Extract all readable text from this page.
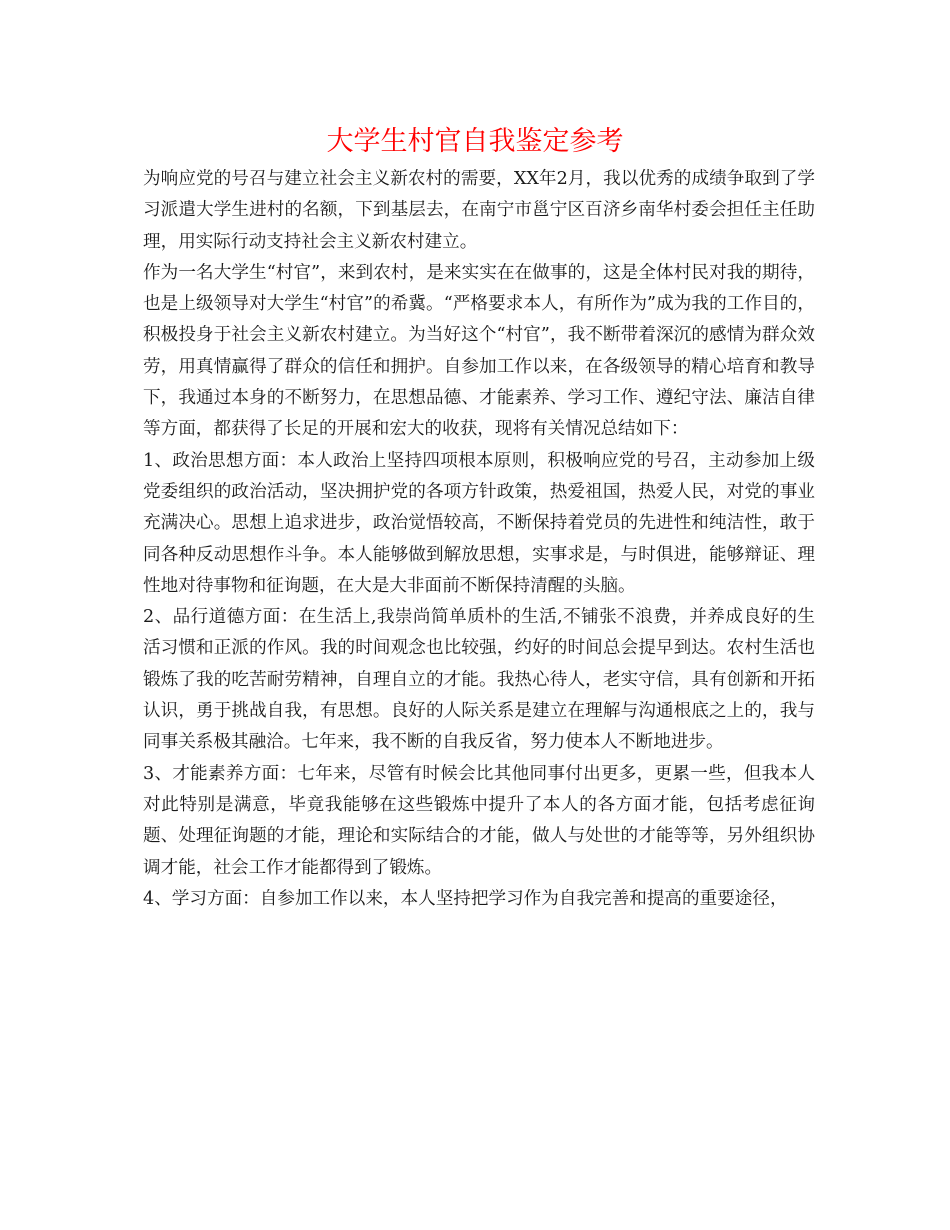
大学生村官自我鉴定参考

为响应党的号召与建立社会主义新农村的需要，XX年2月，我以优秀的成绩争取到了学习派遣大学生进村的名额，下到基层去，在南宁市邕宁区百济乡南华村委会担任主任助理，用实际行动支持社会主义新农村建立。

作为一名大学生“村官”，来到农村，是来实实在在做事的，这是全体村民对我的期待，也是上级领导对大学生“村官”的希冀。“严格要求本人，有所作为”成为我的工作目的，积极投身于社会主义新农村建立。为当好这个“村官”，我不断带着深沉的感情为群众效劳，用真情赢得了群众的信任和拥护。自参加工作以来，在各级领导的精心培育和教导下，我通过本身的不断努力，在思想品德、才能素养、学习工作、遵纪守法、廉洁自律等方面，都获得了长足的开展和宏大的收获，现将有关情况总结如下：

1、政治思想方面：本人政治上坚持四项根本原则，积极响应党的号召，主动参加上级党委组织的政治活动，坚决拥护党的各项方针政策，热爱祖国，热爱人民，对党的事业充满决心。思想上追求进步，政治觉悟较高，不断保持着党员的先进性和纯洁性，敢于同各种反动思想作斗争。本人能够做到解放思想，实事求是，与时俱进，能够辩证、理性地对待事物和征询题，在大是大非面前不断保持清醒的头脑。

2、品行道德方面：在生活上,我崇尚简单质朴的生活,不铺张不浪费，并养成良好的生活习惯和正派的作风。我的时间观念也比较强，约好的时间总会提早到达。农村生活也锻炼了我的吃苦耐劳精神，自理自立的才能。我热心待人，老实守信，具有创新和开拓认识，勇于挑战自我，有思想。良好的人际关系是建立在理解与沟通根底之上的，我与同事关系极其融洽。七年来，我不断的自我反省，努力使本人不断地进步。

3、才能素养方面：七年来，尽管有时候会比其他同事付出更多，更累一些，但我本人对此特别是满意，毕竟我能够在这些锻炼中提升了本人的各方面才能，包括考虑征询题、处理征询题的才能，理论和实际结合的才能，做人与处世的才能等等，另外组织协调才能，社会工作才能都得到了锻炼。

4、学习方面：自参加工作以来，本人坚持把学习作为自我完善和提高的重要途径，
